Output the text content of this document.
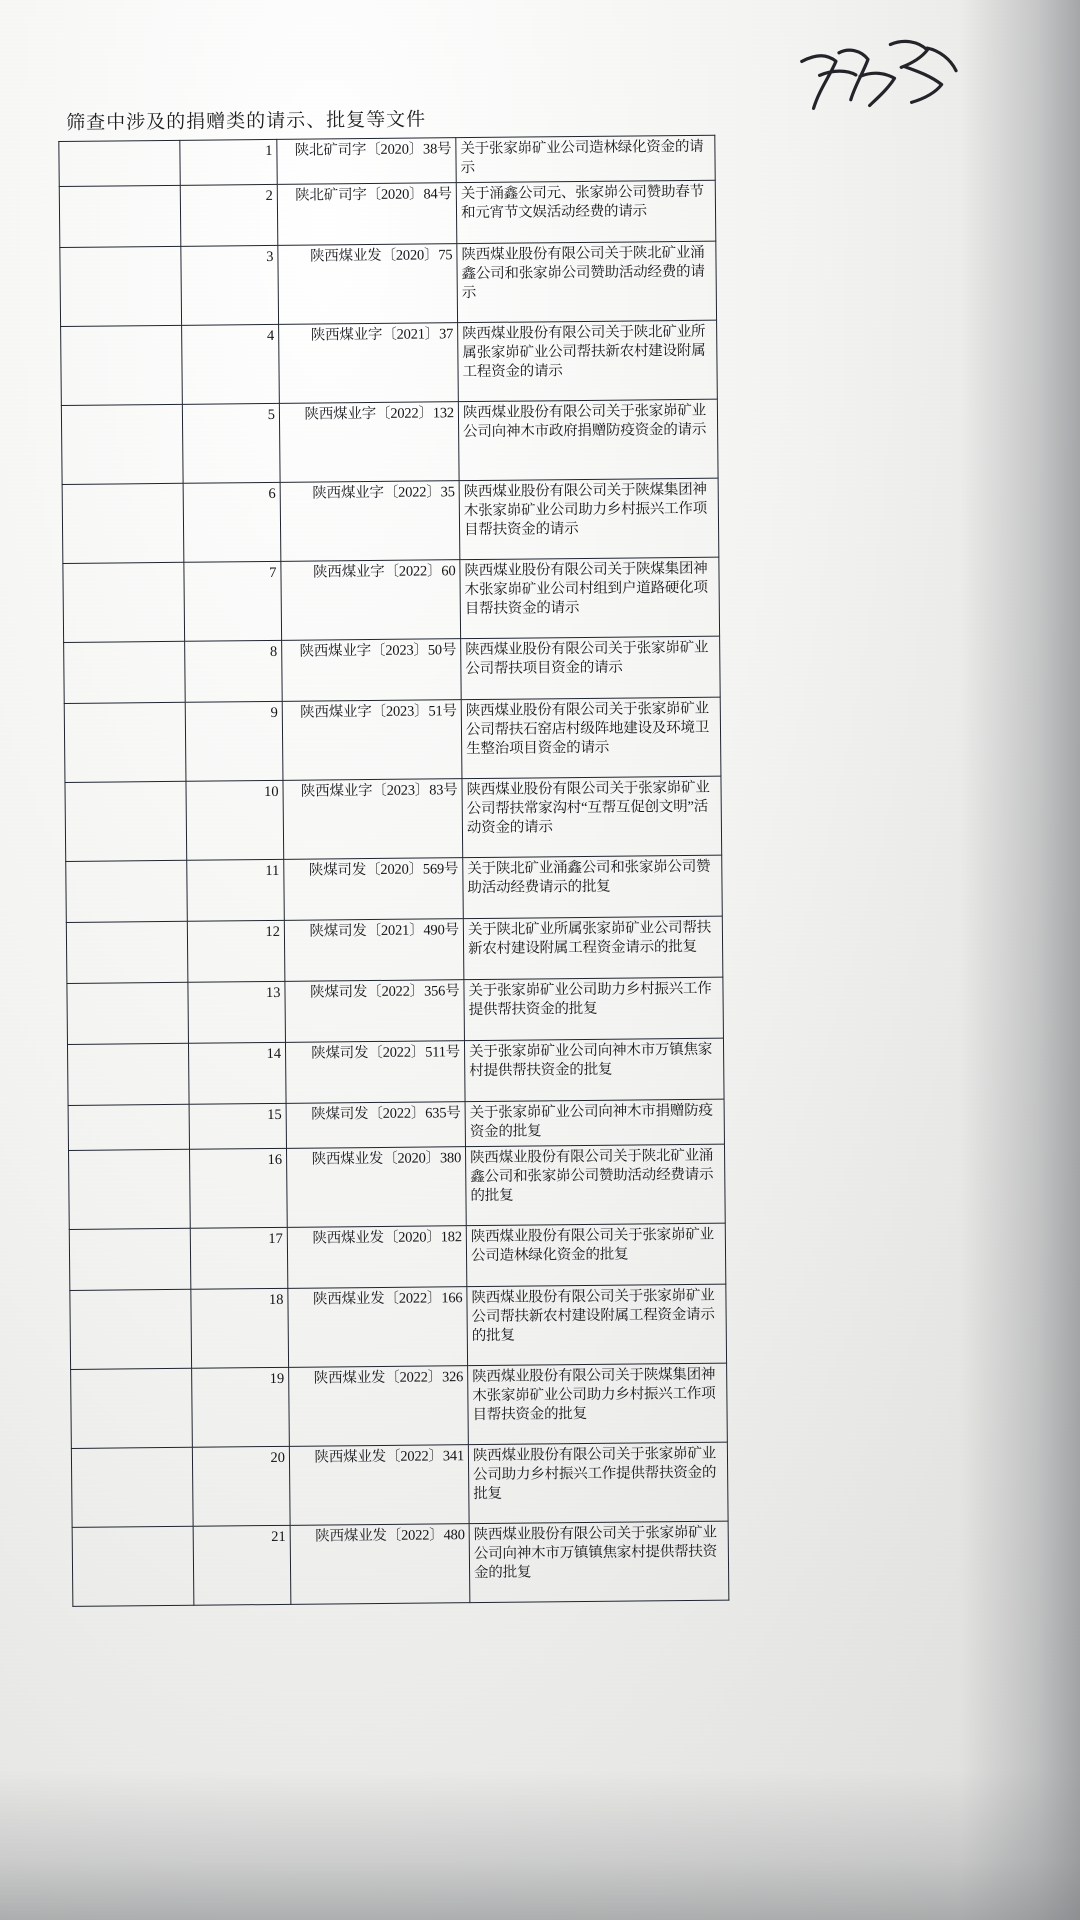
筛查中涉及的捐赠类的请示、批复等文件
	1	陕北矿司字〔2020〕38号	关于张家峁矿业公司造林绿化资金的请示
	2	陕北矿司字〔2020〕84号	关于涌鑫公司元、张家峁公司赞助春节和元宵节文娱活动经费的请示
	3	陕西煤业发〔2020〕75	陕西煤业股份有限公司关于陕北矿业涌鑫公司和张家峁公司赞助活动经费的请示
	4	陕西煤业字〔2021〕37	陕西煤业股份有限公司关于陕北矿业所属张家峁矿业公司帮扶新农村建设附属工程资金的请示
	5	陕西煤业字〔2022〕132	陕西煤业股份有限公司关于张家峁矿业公司向神木市政府捐赠防疫资金的请示
	6	陕西煤业字〔2022〕35	陕西煤业股份有限公司关于陕煤集团神木张家峁矿业公司助力乡村振兴工作项目帮扶资金的请示
	7	陕西煤业字〔2022〕60	陕西煤业股份有限公司关于陕煤集团神木张家峁矿业公司村组到户道路硬化项目帮扶资金的请示
	8	陕西煤业字〔2023〕50号	陕西煤业股份有限公司关于张家峁矿业公司帮扶项目资金的请示
	9	陕西煤业字〔2023〕51号	陕西煤业股份有限公司关于张家峁矿业公司帮扶石窑店村级阵地建设及环境卫生整治项目资金的请示
	10	陕西煤业字〔2023〕83号	陕西煤业股份有限公司关于张家峁矿业公司帮扶常家沟村“互帮互促创文明”活动资金的请示
	11	陕煤司发〔2020〕569号	关于陕北矿业涌鑫公司和张家峁公司赞助活动经费请示的批复
	12	陕煤司发〔2021〕490号	关于陕北矿业所属张家峁矿业公司帮扶新农村建设附属工程资金请示的批复
	13	陕煤司发〔2022〕356号	关于张家峁矿业公司助力乡村振兴工作提供帮扶资金的批复
	14	陕煤司发〔2022〕511号	关于张家峁矿业公司向神木市万镇焦家村提供帮扶资金的批复
	15	陕煤司发〔2022〕635号	关于张家峁矿业公司向神木市捐赠防疫资金的批复
	16	陕西煤业发〔2020〕380	陕西煤业股份有限公司关于陕北矿业涌鑫公司和张家峁公司赞助活动经费请示的批复
	17	陕西煤业发〔2020〕182	陕西煤业股份有限公司关于张家峁矿业公司造林绿化资金的批复
	18	陕西煤业发〔2022〕166	陕西煤业股份有限公司关于张家峁矿业公司帮扶新农村建设附属工程资金请示的批复
	19	陕西煤业发〔2022〕326	陕西煤业股份有限公司关于陕煤集团神木张家峁矿业公司助力乡村振兴工作项目帮扶资金的批复
	20	陕西煤业发〔2022〕341	陕西煤业股份有限公司关于张家峁矿业公司助力乡村振兴工作提供帮扶资金的批复
	21	陕西煤业发〔2022〕480	陕西煤业股份有限公司关于张家峁矿业公司向神木市万镇镇焦家村提供帮扶资金的批复
